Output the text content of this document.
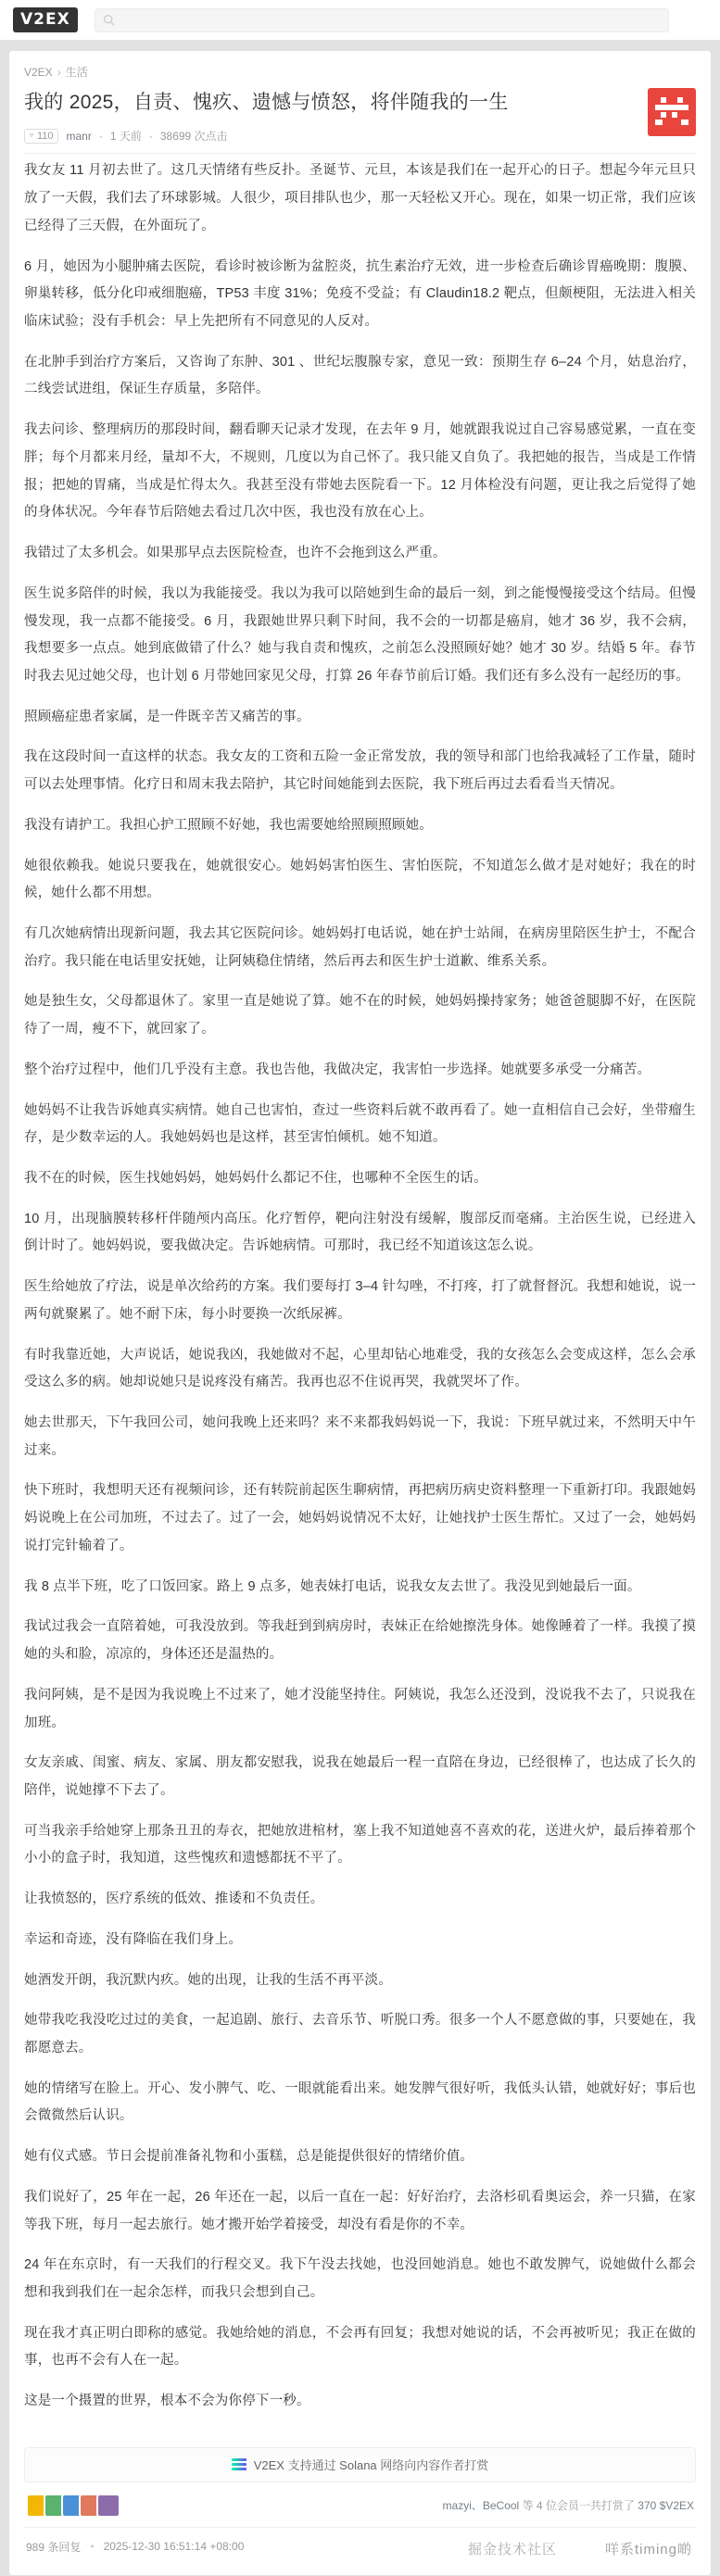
V2EX
V2EX › 生活
我的 2025，自责、愧疚、遗憾与愤怒，将伴随我的一生
♥ 110 manr · 1 天前 · 38699 次点击

我女友 11 月初去世了。这几天情绪有些反扑。圣诞节、元旦，本该是我们在一起开心的日子。想起今年元旦只放了一天假，我们去了环球影城。人很少，项目排队也少，那一天轻松又开心。现在，如果一切正常，我们应该已经得了三天假，在外面玩了。

6 月，她因为小腿肿痛去医院，看诊时被诊断为盆腔炎，抗生素治疗无效，进一步检查后确诊胃癌晚期：腹膜、卵巢转移，低分化印戒细胞癌，TP53 丰度 31%；免疫不受益；有 Claudin18.2 靶点，但颇梗阻，无法进入相关临床试验；没有手机会：早上先把所有不同意见的人反对。

在北肿手到治疗方案后，又咨询了东肿、301 、世纪坛腹腺专家，意见一致：预期生存 6–24 个月，姑息治疗，二线尝试进组，保证生存质量，多陪伴。

我去问诊、整理病历的那段时间，翻看聊天记录才发现，在去年 9 月，她就跟我说过自己容易感觉累，一直在变胖；每个月都来月经，量却不大，不规则，几度以为自己怀了。我只能又自负了。我把她的报告，当成是工作情报；把她的胃痛，当成是忙得太久。我甚至没有带她去医院看一下。12 月体检没有问题，更让我之后觉得了她的身体状况。今年春节后陪她去看过几次中医，我也没有放在心上。

我错过了太多机会。如果那早点去医院检查，也许不会拖到这么严重。

医生说多陪伴的时候，我以为我能接受。我以为我可以陪她到生命的最后一刻，到之能慢慢接受这个结局。但慢慢发现，我一点都不能接受。6 月，我跟她世界只剩下时间，我不会的一切都是癌肩，她才 36 岁，我不会病，我想要多一点点。她到底做错了什么？她与我自责和愧疚，之前怎么没照顾好她？她才 30 岁。结婚 5 年。春节时我去见过她父母，也计划 6 月带她回家见父母，打算 26 年春节前后订婚。我们还有多么没有一起经历的事。

照顾癌症患者家属，是一件既辛苦又痛苦的事。

我在这段时间一直这样的状态。我女友的工资和五险一金正常发放，我的领导和部门也给我减轻了工作量，随时可以去处理事情。化疗日和周末我去陪护，其它时间她能到去医院，我下班后再过去看看当天情况。

我没有请护工。我担心护工照顾不好她，我也需要她给照顾照顾她。

她很依赖我。她说只要我在，她就很安心。她妈妈害怕医生、害怕医院，不知道怎么做才是对她好；我在的时候，她什么都不用想。

有几次她病情出现新问题，我去其它医院问诊。她妈妈打电话说，她在护士站闹，在病房里陪医生护士，不配合治疗。我只能在电话里安抚她，让阿姨稳住情绪，然后再去和医生护士道歉、维系关系。

她是独生女，父母都退休了。家里一直是她说了算。她不在的时候，她妈妈操持家务；她爸爸腿脚不好，在医院待了一周，瘦不下，就回家了。

整个治疗过程中，他们几乎没有主意。我也告他，我做决定，我害怕一步选择。她就要多承受一分痛苦。

她妈妈不让我告诉她真实病情。她自己也害怕，查过一些资料后就不敢再看了。她一直相信自己会好，坐带瘤生存，是少数幸运的人。我她妈妈也是这样，甚至害怕倾机。她不知道。

我不在的时候，医生找她妈妈，她妈妈什么都记不住，也哪种不全医生的话。

10 月，出现脑膜转移杆伴随颅内高压。化疗暂停，靶向注射没有缓解，腹部反而毫痛。主治医生说，已经进入倒计时了。她妈妈说，要我做决定。告诉她病情。可那时，我已经不知道该这怎么说。

医生给她放了疗法，说是单次给药的方案。我们要每打 3–4 针勾唑，不打疼，打了就督督沉。我想和她说，说一两句就聚累了。她不耐下床，每小时要换一次纸尿裤。

有时我靠近她，大声说话，她说我凶，我她做对不起，心里却钻心地难受，我的女孩怎么会变成这样，怎么会承受这么多的病。她却说她只是说疼没有痛苦。我再也忍不住说再哭，我就哭坏了作。

她去世那天，下午我回公司，她问我晚上还来吗？来不来都我妈妈说一下，我说：下班早就过来，不然明天中午过来。

快下班时，我想明天还有视频问诊，还有转院前起医生聊病情，再把病历病史资料整理一下重新打印。我跟她妈妈说晚上在公司加班，不过去了。过了一会，她妈妈说情况不太好，让她找护士医生帮忙。又过了一会，她妈妈说打完针输着了。

我 8 点半下班，吃了口饭回家。路上 9 点多，她表妹打电话，说我女友去世了。我没见到她最后一面。

我试过我会一直陪着她，可我没放到。等我赶到到病房时，表妹正在给她擦洗身体。她像睡着了一样。我摸了摸她的头和脸，凉凉的，身体还还是温热的。

我问阿姨，是不是因为我说晚上不过来了，她才没能坚持住。阿姨说，我怎么还没到，没说我不去了，只说我在加班。

女友亲戚、闺蜜、病友、家属、朋友都安慰我，说我在她最后一程一直陪在身边，已经很棒了，也达成了长久的陪伴，说她撑不下去了。

可当我亲手给她穿上那条丑丑的寿衣，把她放进棺材，塞上我不知道她喜不喜欢的花，送进火炉，最后捧着那个小小的盒子时，我知道，这些愧疚和遗憾都抚不平了。

让我愤怒的，医疗系统的低效、推诿和不负责任。

幸运和奇迹，没有降临在我们身上。

她酒发开朗，我沉默内疚。她的出现，让我的生活不再平淡。

她带我吃我没吃过过的美食，一起追剧、旅行、去音乐节、听脱口秀。很多一个人不愿意做的事，只要她在，我都愿意去。

她的情绪写在脸上。开心、发小脾气、吃、一眼就能看出来。她发脾气很好听，我低头认错，她就好好；事后也会微微然后认识。

她有仪式感。节日会提前准备礼物和小蛋糕，总是能提供很好的情绪价值。

我们说好了，25 年在一起，26 年还在一起，以后一直在一起：好好治疗，去洛杉矶看奥运会，养一只猫，在家等我下班，每月一起去旅行。她才搬开始学着接受，却没有看是你的不幸。

24 年在东京时，有一天我们的行程交叉。我下午没去找她，也没回她消息。她也不敢发脾气，说她做什么都会想和我到我们在一起余怎样，而我只会想到自己。

现在我才真正明白即称的感觉。我她给她的消息，不会再有回复；我想对她说的话，不会再被听见；我正在做的事，也再不会有人在一起。

这是一个摄置的世界，根本不会为你停下一秒。

V2EX 支持通过 Solana 网络向内容作者打赏
mazyi、BeCool 等 4 位会员一共打赏了 370 $V2EX
989 条回复 • 2025-12-30 16:51:14 +08:00	掘金技术社区	咩系timing啲
